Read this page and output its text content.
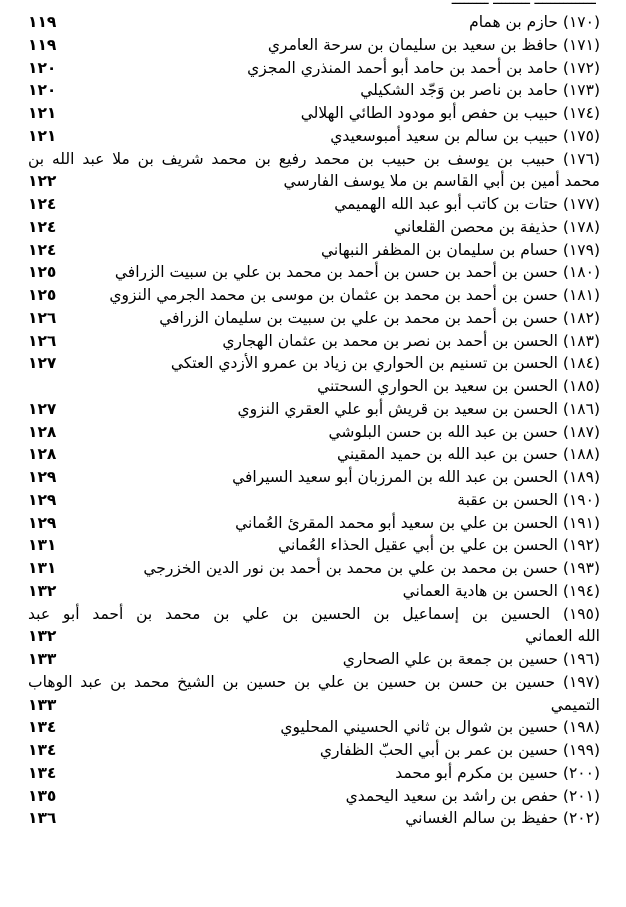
(١٧٠) حازم بن همام
١١٩
(١٧١) حافظ بن سعيد بن سليمان بن سرحة العامري
١١٩
(١٧٢) حامد بن أحمد بن حامد أبو أحمد المنذري المجزي
١٢٠
(١٧٣) حامد بن ناصر بن وَجّد الشكيلي
١٢٠
(١٧٤) حبيب بن حفص أبو مودود الطائي الهلالي
١٢١
(١٧٥) حبيب بن سالم بن سعيد أمبوسعيدي
١٢١
(١٧٦) حبيب بن يوسف بن حبيب بن محمد رفيع بن محمد شريف بن ملا عبد الله بن
محمد أمين بن أبي القاسم بن ملا يوسف الفارسي
١٢٢
(١٧٧) حتات بن كاتب أبو عبد الله الهميمي
١٢٤
(١٧٨) حذيفة بن محصن القلعاني
١٢٤
(١٧٩) حسام بن سليمان بن المظفر النبهاني
١٢٤
(١٨٠) حسن بن أحمد بن حسن بن أحمد بن محمد بن علي بن سبيت الزرافي
١٢٥
(١٨١) حسن بن أحمد بن محمد بن عثمان بن موسى بن محمد الجرمي النزوي
١٢٥
(١٨٢) حسن بن أحمد بن محمد بن علي بن سبيت بن سليمان الزرافي
١٢٦
(١٨٣) الحسن بن أحمد بن نصر بن محمد بن عثمان الهجاري
١٢٦
(١٨٤) الحسن بن تسنيم بن الحواري بن زياد بن عمرو الأزدي العتكي
١٢٧
(١٨٥) الحسن بن سعيد بن الحواري السحتني
(١٨٦) الحسن بن سعيد بن قريش أبو علي العقري النزوي
١٢٧
(١٨٧) حسن بن عبد الله بن حسن البلوشي
١٢٨
(١٨٨) حسن بن عبد الله بن حميد المقيني
١٢٨
(١٨٩) الحسن بن عبد الله بن المرزبان أبو سعيد السيرافي
١٢٩
(١٩٠) الحسن بن عقبة
١٢٩
(١٩١) الحسن بن علي بن سعيد أبو محمد المقرئ العُماني
١٢٩
(١٩٢) الحسن بن علي بن أبي عقيل الحذاء العُماني
١٣١
(١٩٣) حسن بن محمد بن علي بن محمد بن أحمد بن نور الدين الخزرجي
١٣١
(١٩٤) الحسن بن هادية العماني
١٣٢
(١٩٥) الحسين بن إسماعيل بن الحسين بن علي بن محمد بن أحمد أبو عبد
الله العماني
١٣٢
(١٩٦) حسين بن جمعة بن علي الصحاري
١٣٣
(١٩٧) حسين بن حسن بن حسين بن علي بن حسين بن الشيخ محمد بن عبد الوهاب
التميمي
١٣٣
(١٩٨) حسين بن شوال بن ثاني الحسيني المحليوي
١٣٤
(١٩٩) حسين بن عمر بن أبي الحبّ الظفاري
١٣٤
(٢٠٠) حسين بن مكرم أبو محمد
١٣٤
(٢٠١) حفص بن راشد بن سعيد اليحمدي
١٣٥
(٢٠٢) حفيظ بن سالم الغساني
١٣٦
